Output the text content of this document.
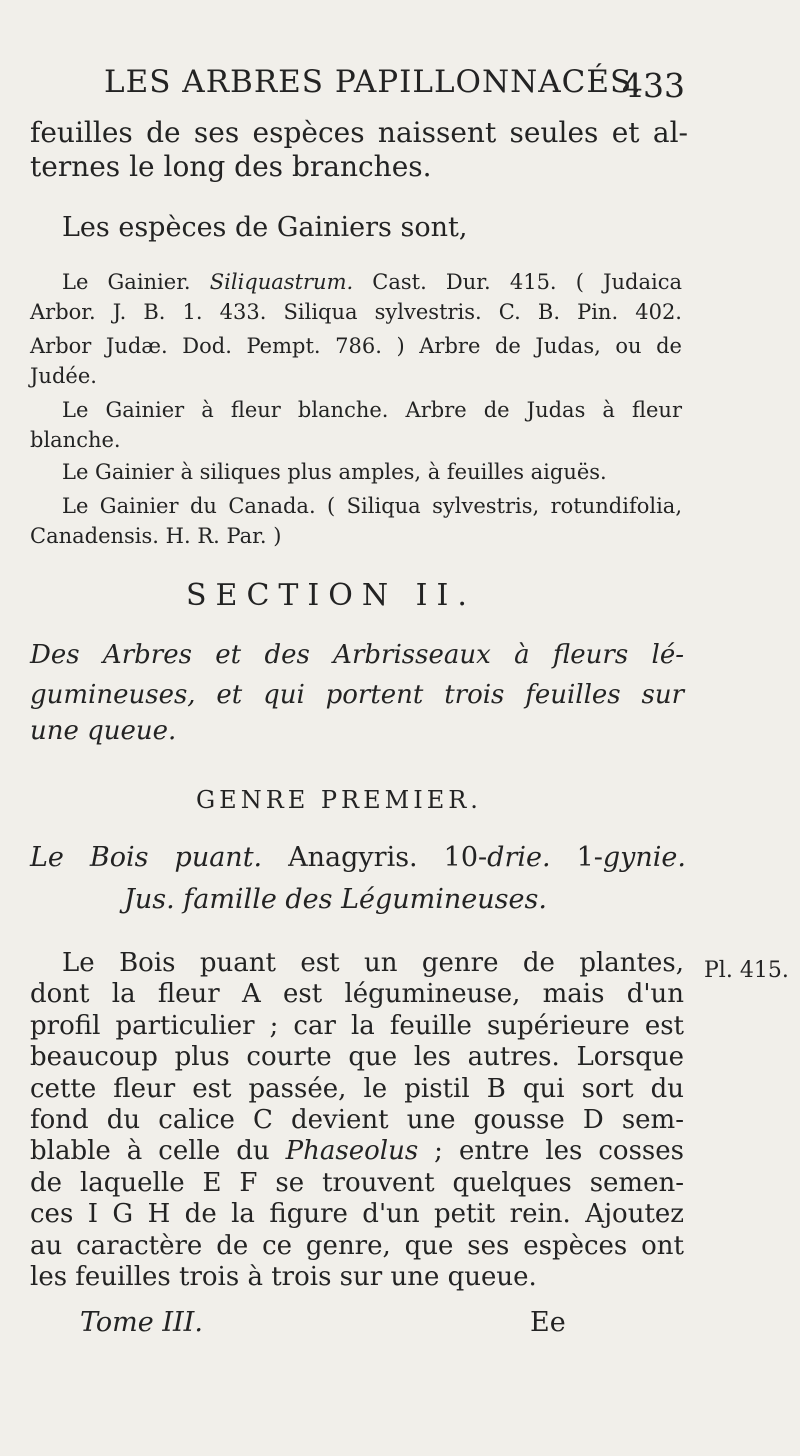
LES ARBRES PAPILLONNACÉS.
433
feuilles de ses espèces naissent seules et al-
ternes le long des branches.
Les espèces de Gainiers sont,
Le Gainier. Siliquastrum. Cast. Dur. 415. ( Judaica
Arbor. J. B. 1. 433. Siliqua sylvestris. C. B. Pin. 402.
Arbor Judæ. Dod. Pempt. 786. ) Arbre de Judas, ou de
Judée.
Le Gainier à fleur blanche. Arbre de Judas à fleur
blanche.
Le Gainier à siliques plus amples, à feuilles aiguës.
Le Gainier du Canada. ( Siliqua sylvestris, rotundifolia,
Canadensis. H. R. Par. )
SECTION II.
Des Arbres et des Arbrisseaux à fleurs lé-
gumineuses, et qui portent trois feuilles sur
une queue.
GENRE PREMIER.
Le Bois puant. Anagyris. 10-drie. 1-gynie.
Jus. famille des Légumineuses.
Le Bois puant est un genre de plantes,
dont la fleur A est légumineuse, mais d'un
profil particulier ; car la feuille supérieure est
beaucoup plus courte que les autres. Lorsque
cette fleur est passée, le pistil B qui sort du
fond du calice C devient une gousse D sem-
blable à celle du Phaseolus ; entre les cosses
de laquelle E F se trouvent quelques semen-
ces I G H de la figure d'un petit rein. Ajoutez
au caractère de ce genre, que ses espèces ont
les feuilles trois à trois sur une queue.
Pl. 415.
Tome III.	Ee
